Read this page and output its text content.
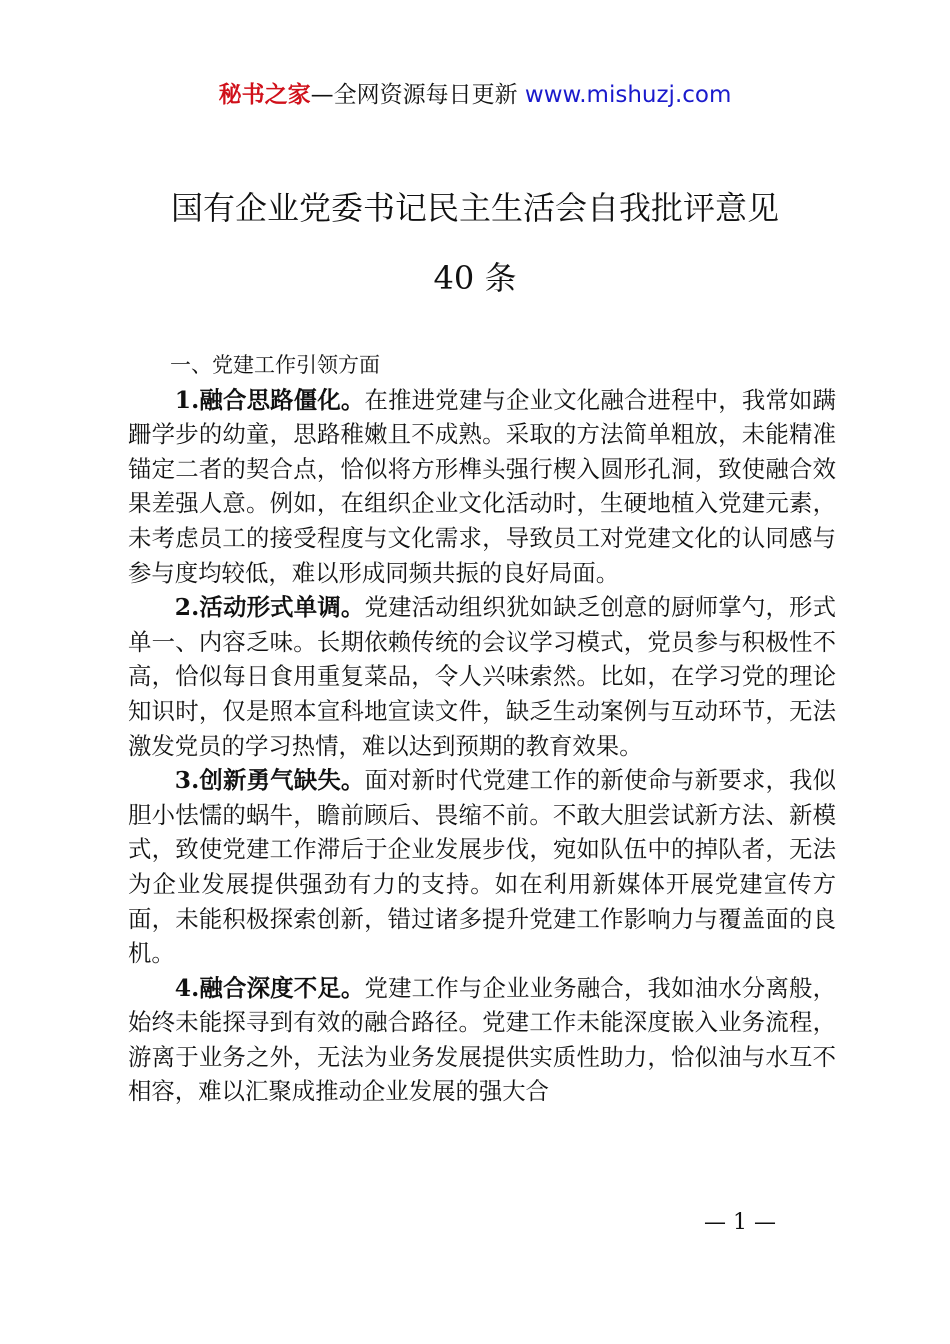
秘书之家—全网资源每日更新 www.mishuzj.com
国有企业党委书记民主生活会自我批评意见
40 条

一、党建工作引领方面

1.融合思路僵化。在推进党建与企业文化融合进程中，我常如蹒跚学步的幼童，思路稚嫩且不成熟。采取的方法简单粗放，未能精准锚定二者的契合点，恰似将方形榫头强行楔入圆形孔洞，致使融合效果差强人意。例如，在组织企业文化活动时，生硬地植入党建元素，未考虑员工的接受程度与文化需求，导致员工对党建文化的认同感与参与度均较低，难以形成同频共振的良好局面。

2.活动形式单调。党建活动组织犹如缺乏创意的厨师掌勺，形式单一、内容乏味。长期依赖传统的会议学习模式，党员参与积极性不高，恰似每日食用重复菜品，令人兴味索然。比如，在学习党的理论知识时，仅是照本宣科地宣读文件，缺乏生动案例与互动环节，无法激发党员的学习热情，难以达到预期的教育效果。

3.创新勇气缺失。面对新时代党建工作的新使命与新要求，我似胆小怯懦的蜗牛，瞻前顾后、畏缩不前。不敢大胆尝试新方法、新模式，致使党建工作滞后于企业发展步伐，宛如队伍中的掉队者，无法为企业发展提供强劲有力的支持。如在利用新媒体开展党建宣传方面，未能积极探索创新，错过诸多提升党建工作影响力与覆盖面的良机。

4.融合深度不足。党建工作与企业业务融合，我如油水分离般，始终未能探寻到有效的融合路径。党建工作未能深度嵌入业务流程，游离于业务之外，无法为业务发展提供实质性助力，恰似油与水互不相容，难以汇聚成推动企业发展的强大合

— 1 —
